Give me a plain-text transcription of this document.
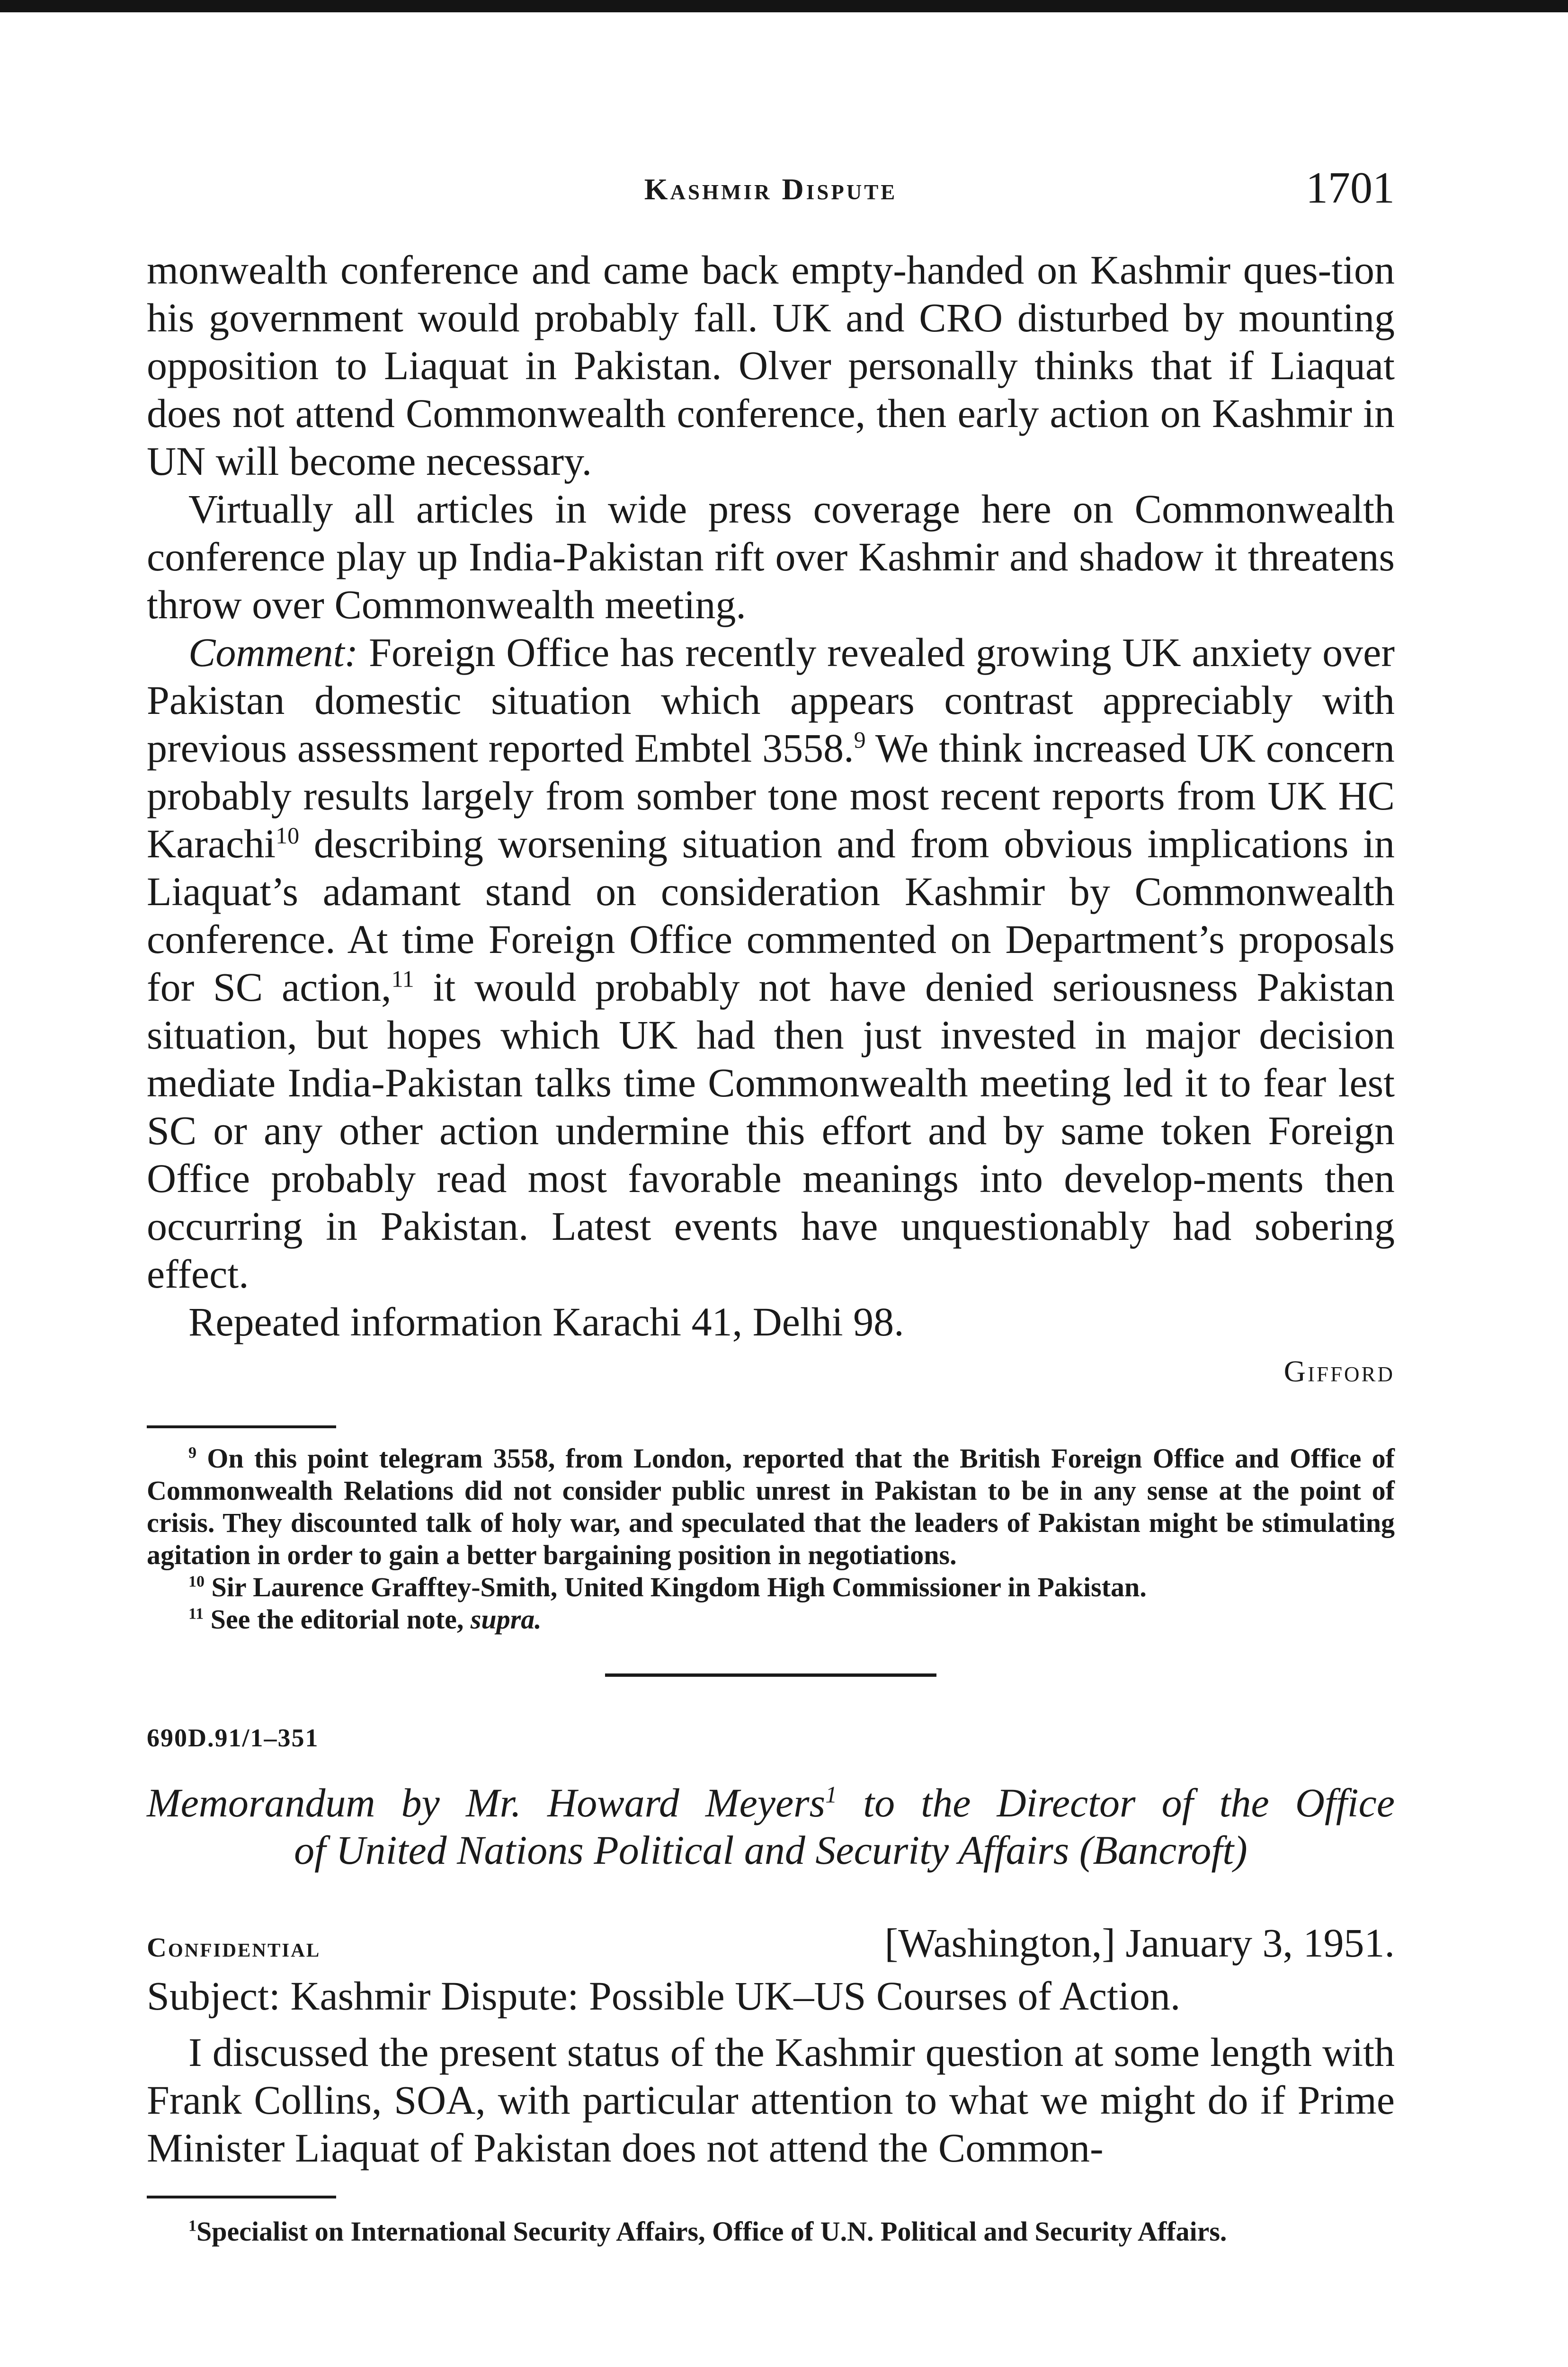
Kashmir Dispute	1701

monwealth conference and came back empty-handed on Kashmir ques-tion his government would probably fall. UK and CRO disturbed by mounting opposition to Liaquat in Pakistan. Olver personally thinks that if Liaquat does not attend Commonwealth conference, then early action on Kashmir in UN will become necessary.

Virtually all articles in wide press coverage here on Commonwealth conference play up India-Pakistan rift over Kashmir and shadow it threatens throw over Commonwealth meeting.

Comment: Foreign Office has recently revealed growing UK anxiety over Pakistan domestic situation which appears contrast appreciably with previous assessment reported Embtel 3558.$^9$ We think increased UK concern probably results largely from somber tone most recent reports from UK HC Karachi$^{10}$ describing worsening situation and from obvious implications in Liaquat’s adamant stand on consideration Kashmir by Commonwealth conference. At time Foreign Office commented on Department’s proposals for SC action,$^{11}$ it would probably not have denied seriousness Pakistan situation, but hopes which UK had then just invested in major decision mediate India-Pakistan talks time Commonwealth meeting led it to fear lest SC or any other action undermine this effort and by same token Foreign Office probably read most favorable meanings into develop-ments then occurring in Pakistan. Latest events have unquestionably had sobering effect.

Repeated information Karachi 41, Delhi 98.

Gifford

$^9$ On this point telegram 3558, from London, reported that the British Foreign Office and Office of Commonwealth Relations did not consider public unrest in Pakistan to be in any sense at the point of crisis. They discounted talk of holy war, and speculated that the leaders of Pakistan might be stimulating agitation in order to gain a better bargaining position in negotiations.

$^{10}$ Sir Laurence Grafftey-Smith, United Kingdom High Commissioner in Pakistan.

$^{11}$ See the editorial note, supra.

690D.91/1–351
Memorandum by Mr. Howard Meyers$^1$ to the Director of the Office
of United Nations Political and Security Affairs (Bancroft)
Confidential	[Washington,] January 3, 1951.
Subject: Kashmir Dispute: Possible UK–US Courses of Action.

I discussed the present status of the Kashmir question at some length with Frank Collins, SOA, with particular attention to what we might do if Prime Minister Liaquat of Pakistan does not attend the Common-

$^1$Specialist on International Security Affairs, Office of U.N. Political and Security Affairs.
